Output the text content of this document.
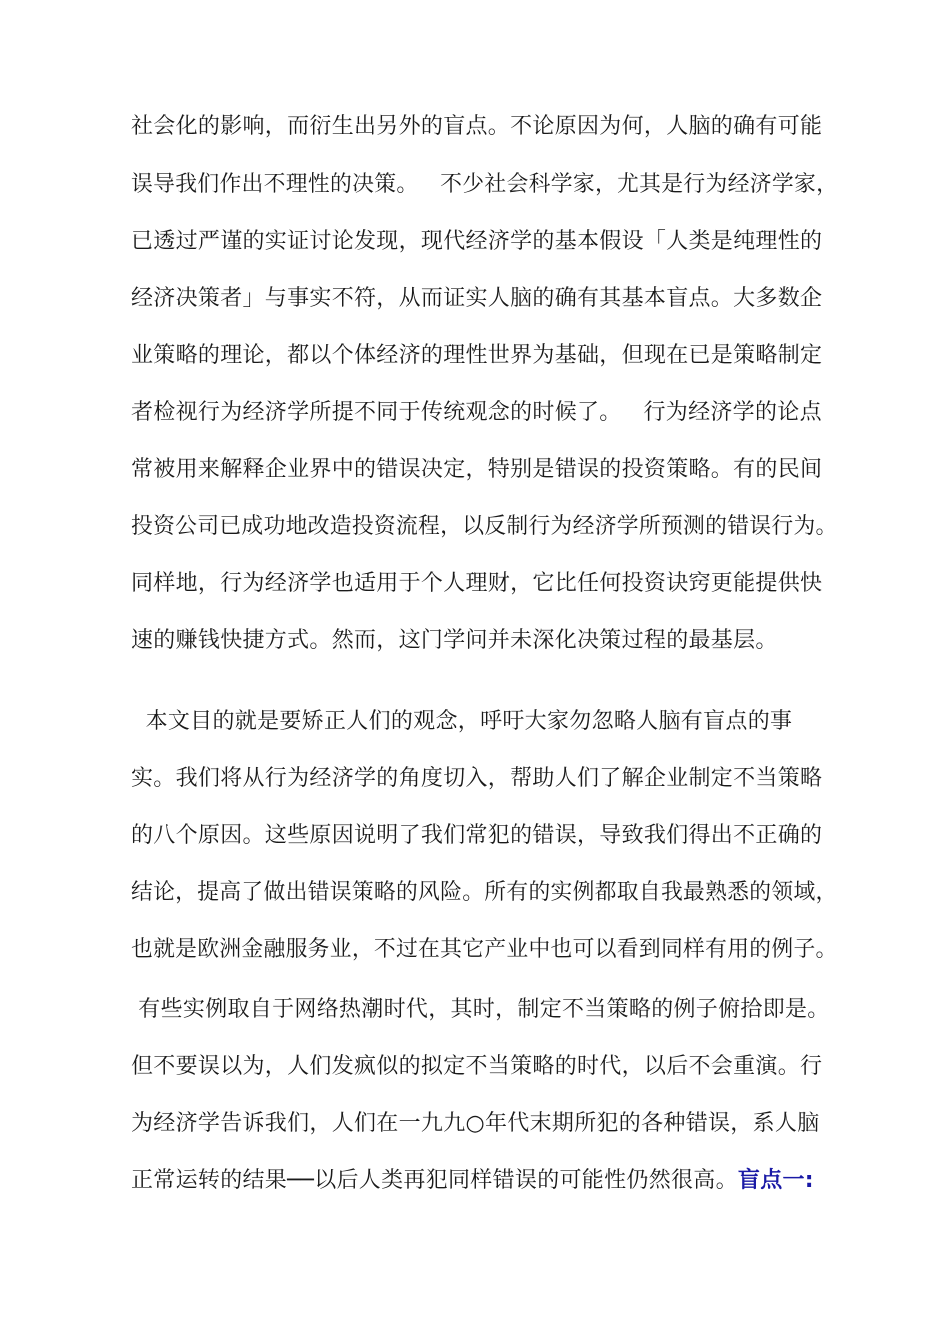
社会化的影响，而衍生出另外的盲点。不论原因为何，人脑的确有可能
误导我们作出不理性的决策。   不少社会科学家，尤其是行为经济学家，
已透过严谨的实证讨论发现，现代经济学的基本假设「人类是纯理性的
经济决策者」与事实不符，从而证实人脑的确有其基本盲点。大多数企
业策略的理论，都以个体经济的理性世界为基础，但现在已是策略制定
者检视行为经济学所提不同于传统观念的时候了。   行为经济学的论点
常被用来解释企业界中的错误决定，特别是错误的投资策略。有的民间
投资公司已成功地改造投资流程，以反制行为经济学所预测的错误行为。
同样地，行为经济学也适用于个人理财，它比任何投资诀窍更能提供快
速的赚钱快捷方式。然而，这门学问并未深化决策过程的最基层。
本文目的就是要矫正人们的观念，呼吁大家勿忽略人脑有盲点的事
实。我们将从行为经济学的角度切入，帮助人们了解企业制定不当策略
的八个原因。这些原因说明了我们常犯的错误，导致我们得出不正确的
结论，提高了做出错误策略的风险。所有的实例都取自我最熟悉的领域，
也就是欧洲金融服务业，不过在其它产业中也可以看到同样有用的例子。
有些实例取自于网络热潮时代，其时，制定不当策略的例子俯拾即是。
但不要误以为，人们发疯似的拟定不当策略的时代，以后不会重演。行
为经济学告诉我们，人们在一九九○年代末期所犯的各种错误，系人脑
正常运转的结果──以后人类再犯同样错误的可能性仍然很高。盲点一:
